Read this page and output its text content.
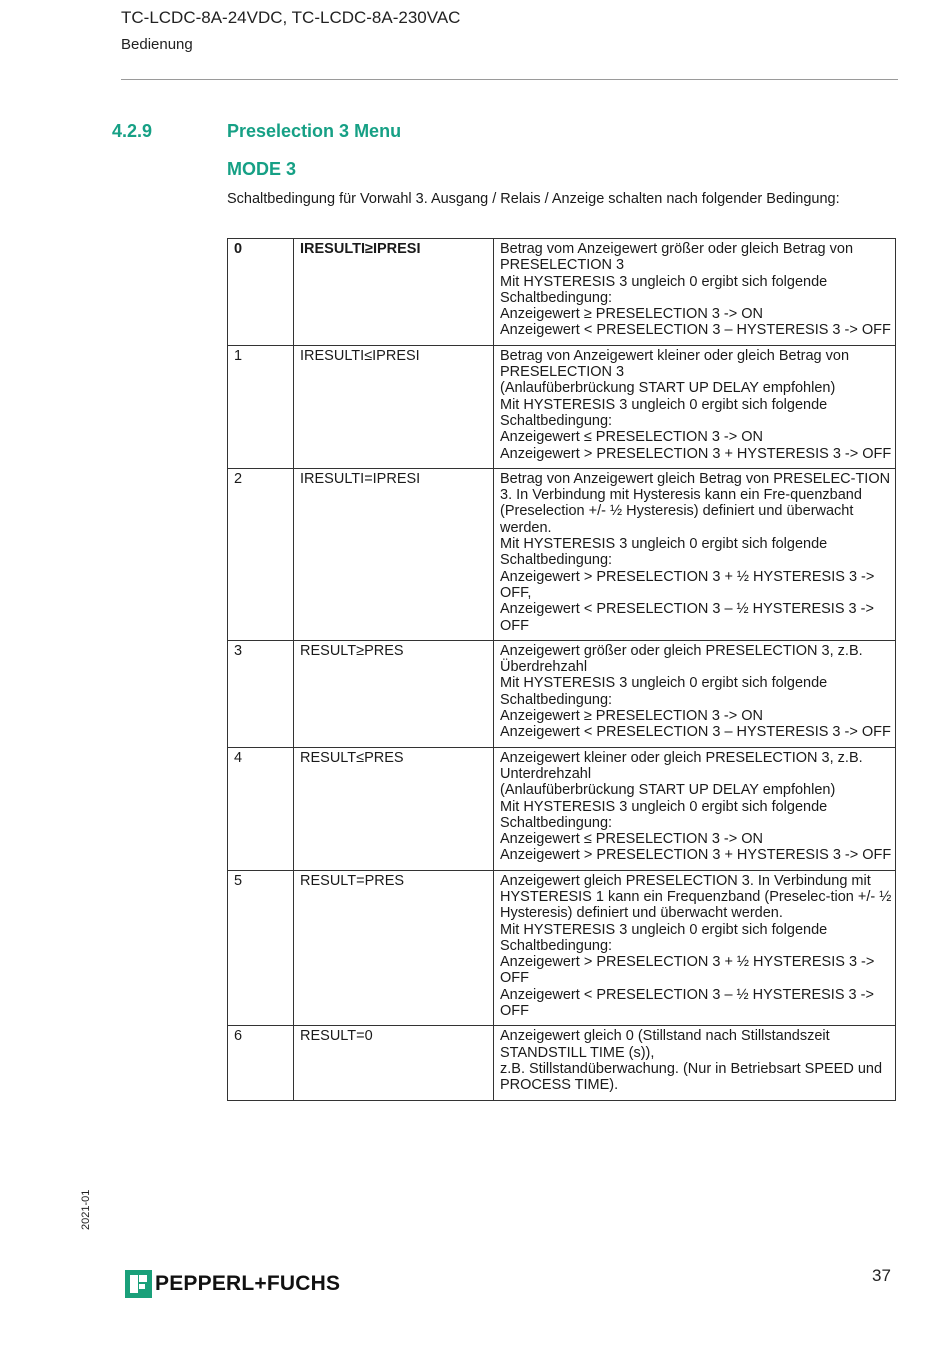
TC-LCDC-8A-24VDC, TC-LCDC-8A-230VAC
Bedienung
4.2.9	Preselection 3 Menu
MODE 3
Schaltbedingung für Vorwahl 3. Ausgang / Relais / Anzeige schalten nach folgender Bedingung:
0	IRESULTI≥IPRESI	Betrag vom Anzeigewert größer oder gleich Betrag von PRESELECTION 3
Mit HYSTERESIS 3 ungleich 0 ergibt sich folgende Schaltbedingung:
Anzeigewert ≥ PRESELECTION 3 -> ON
Anzeigewert < PRESELECTION 3 – HYSTERESIS 3 -> OFF

1	IRESULTI≤IPRESI	Betrag von Anzeigewert kleiner oder gleich Betrag von PRESELECTION 3
(Anlaufüberbrückung START UP DELAY empfohlen)
Mit HYSTERESIS 3 ungleich 0 ergibt sich folgende Schaltbedingung:
Anzeigewert ≤ PRESELECTION 3 -> ON
Anzeigewert > PRESELECTION 3 + HYSTERESIS 3 -> OFF

2	IRESULTI=IPRESI	Betrag von Anzeigewert gleich Betrag von PRESELEC-TION 3. In Verbindung mit Hysteresis kann ein Fre-quenzband (Preselection +/- ½ Hysteresis) definiert und überwacht werden.
Mit HYSTERESIS 3 ungleich 0 ergibt sich folgende Schaltbedingung:
Anzeigewert > PRESELECTION 3 + ½ HYSTERESIS 3 -> OFF,
Anzeigewert < PRESELECTION 3 – ½ HYSTERESIS 3 -> OFF

3	RESULT≥PRES	Anzeigewert größer oder gleich PRESELECTION 3, z.B. Überdrehzahl
Mit HYSTERESIS 3 ungleich 0 ergibt sich folgende Schaltbedingung:
Anzeigewert ≥ PRESELECTION 3 -> ON
Anzeigewert < PRESELECTION 3 – HYSTERESIS 3 -> OFF

4	RESULT≤PRES	Anzeigewert kleiner oder gleich PRESELECTION 3, z.B. Unterdrehzahl
(Anlaufüberbrückung START UP DELAY empfohlen)
Mit HYSTERESIS 3 ungleich 0 ergibt sich folgende Schaltbedingung:
Anzeigewert ≤ PRESELECTION 3 -> ON
Anzeigewert > PRESELECTION 3 + HYSTERESIS 3 -> OFF

5	RESULT=PRES	Anzeigewert gleich PRESELECTION 3. In Verbindung mit HYSTERESIS 1 kann ein Frequenzband (Preselec-tion +/- ½ Hysteresis) definiert und überwacht werden.
Mit HYSTERESIS 3 ungleich 0 ergibt sich folgende Schaltbedingung:
Anzeigewert > PRESELECTION 3 + ½ HYSTERESIS 3 -> OFF
Anzeigewert < PRESELECTION 3 – ½ HYSTERESIS 3 -> OFF

6	RESULT=0	Anzeigewert gleich 0 (Stillstand nach Stillstandszeit STANDSTILL TIME (s)),
z.B. Stillstandüberwachung. (Nur in Betriebsart SPEED und PROCESS TIME).
2021-01
PEPPERL+FUCHS	37
